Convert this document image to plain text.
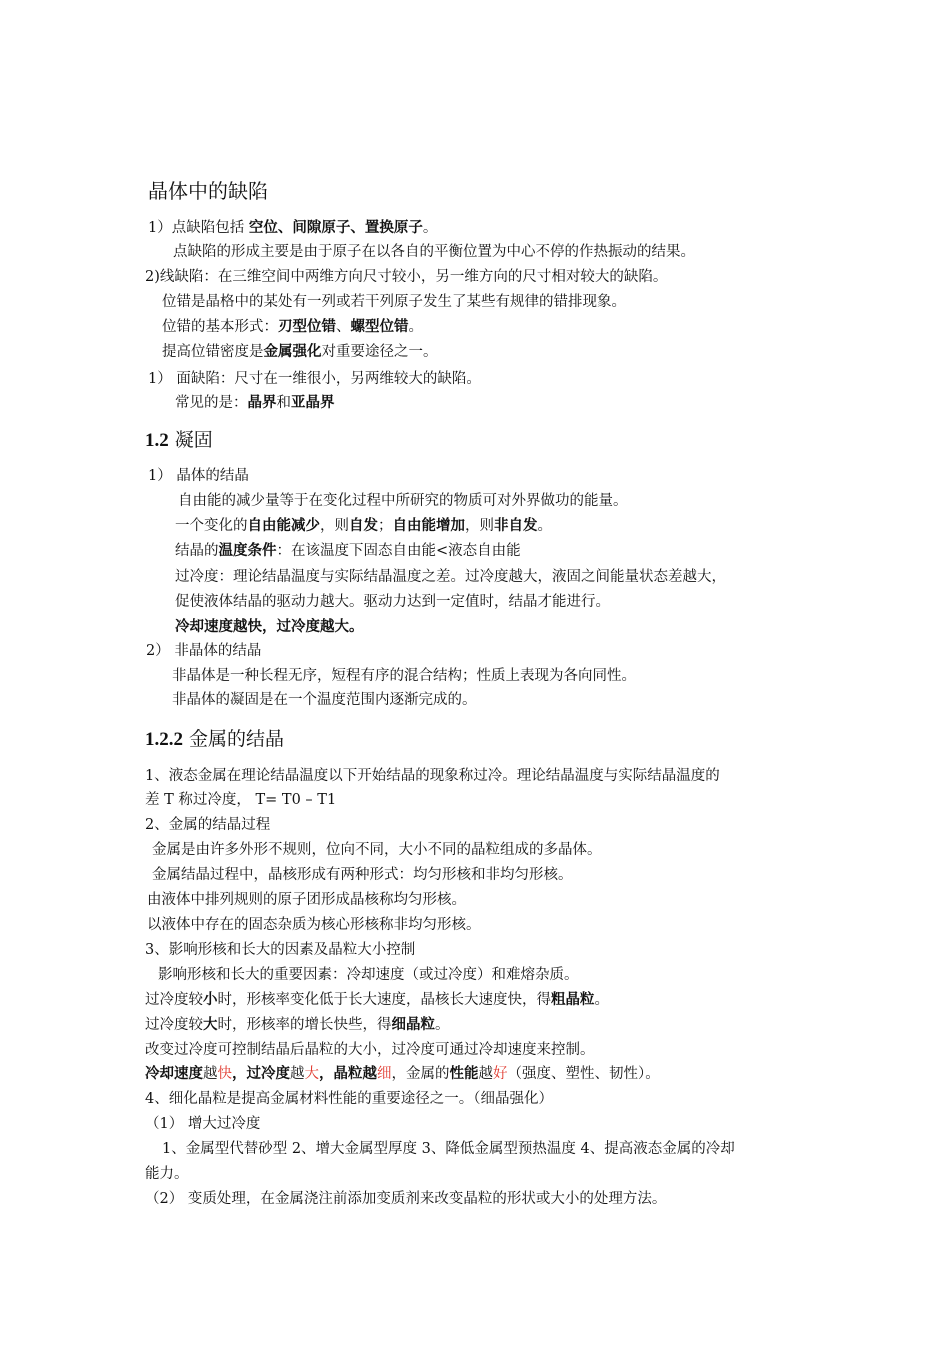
晶体中的缺陷
1）点缺陷包括 空位、间隙原子、置换原子。
点缺陷的形成主要是由于原子在以各自的平衡位置为中心不停的作热振动的结果。
2)线缺陷：在三维空间中两维方向尺寸较小，另一维方向的尺寸相对较大的缺陷。
位错是晶格中的某处有一列或若干列原子发生了某些有规律的错排现象。
位错的基本形式：刃型位错、螺型位错。
提高位错密度是金属强化对重要途径之一。
1） 面缺陷：尺寸在一维很小，另两维较大的缺陷。
常见的是：晶界和亚晶界
1.2 凝固
1） 晶体的结晶
自由能的减少量等于在变化过程中所研究的物质可对外界做功的能量。
一个变化的自由能减少，则自发；自由能增加，则非自发。
结晶的温度条件：在该温度下固态自由能<液态自由能
过冷度：理论结晶温度与实际结晶温度之差。过冷度越大，液固之间能量状态差越大，
促使液体结晶的驱动力越大。驱动力达到一定值时，结晶才能进行。
冷却速度越快，过冷度越大。
2） 非晶体的结晶
非晶体是一种长程无序，短程有序的混合结构；性质上表现为各向同性。
非晶体的凝固是在一个温度范围内逐渐完成的。
1.2.2 金属的结晶
1、液态金属在理论结晶温度以下开始结晶的现象称过冷。理论结晶温度与实际结晶温度的
差 T 称过冷度， T= T0 – T1
2、金属的结晶过程
金属是由许多外形不规则，位向不同，大小不同的晶粒组成的多晶体。
金属结晶过程中，晶核形成有两种形式：均匀形核和非均匀形核。
由液体中排列规则的原子团形成晶核称均匀形核。
以液体中存在的固态杂质为核心形核称非均匀形核。
3、影响形核和长大的因素及晶粒大小控制
影响形核和长大的重要因素：冷却速度（或过冷度）和难熔杂质。
过冷度较小时，形核率变化低于长大速度，晶核长大速度快，得粗晶粒。
过冷度较大时，形核率的增长快些，得细晶粒。
改变过冷度可控制结晶后晶粒的大小，过冷度可通过冷却速度来控制。
冷却速度越快，过冷度越大，晶粒越细，金属的性能越好（强度、塑性、韧性）。
4、细化晶粒是提高金属材料性能的重要途径之一。（细晶强化）
（1） 增大过冷度
1、金属型代替砂型 2、增大金属型厚度 3、降低金属型预热温度 4、提高液态金属的冷却
能力。
（2） 变质处理，在金属浇注前添加变质剂来改变晶粒的形状或大小的处理方法。
